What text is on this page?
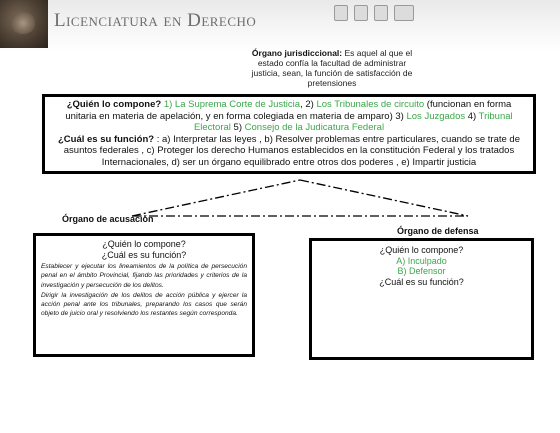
Licenciatura en Derecho
Órgano jurisdiccional: Es aquel al que el estado confía la facultad de administrar justicia, sean, la función de satisfacción de pretensiones
¿Quién lo compone? 1) La Suprema Corte de Justicia, 2) Los Tribunales de circuito (funcionan en forma unitaria en materia de apelación, y en forma colegiada en materia de amparo) 3) Los Juzgados 4) Tribunal Electoral 5) Consejo de la Judicatura Federal
¿Cuál es su función? : a) Interpretar las leyes , b) Resolver problemas entre particulares, cuando se trate de asuntos federales , c) Proteger los derecho Humanos establecidos en la constitución Federal y los tratados Internacionales, d) ser un órgano equilibrado entre otros dos poderes , e) Impartir justicia
Órgano de acusación
Órgano de defensa
¿Quién lo compone?
¿Cuál es su función?
Establecer y ejecutar los lineamientos de la política de persecución penal en el ámbito Provincial, fijando las prioridades y criterios de la investigación y persecución de los delitos.
Dirigir la investigación de los delitos de acción pública y ejercer la acción penal ante los tribunales, preparando los casos que serán objeto de juicio oral y resolviendo los restantes según corresponda.
¿Quién lo compone?
A) Inculpado
B) Defensor
¿Cuál es su función?
